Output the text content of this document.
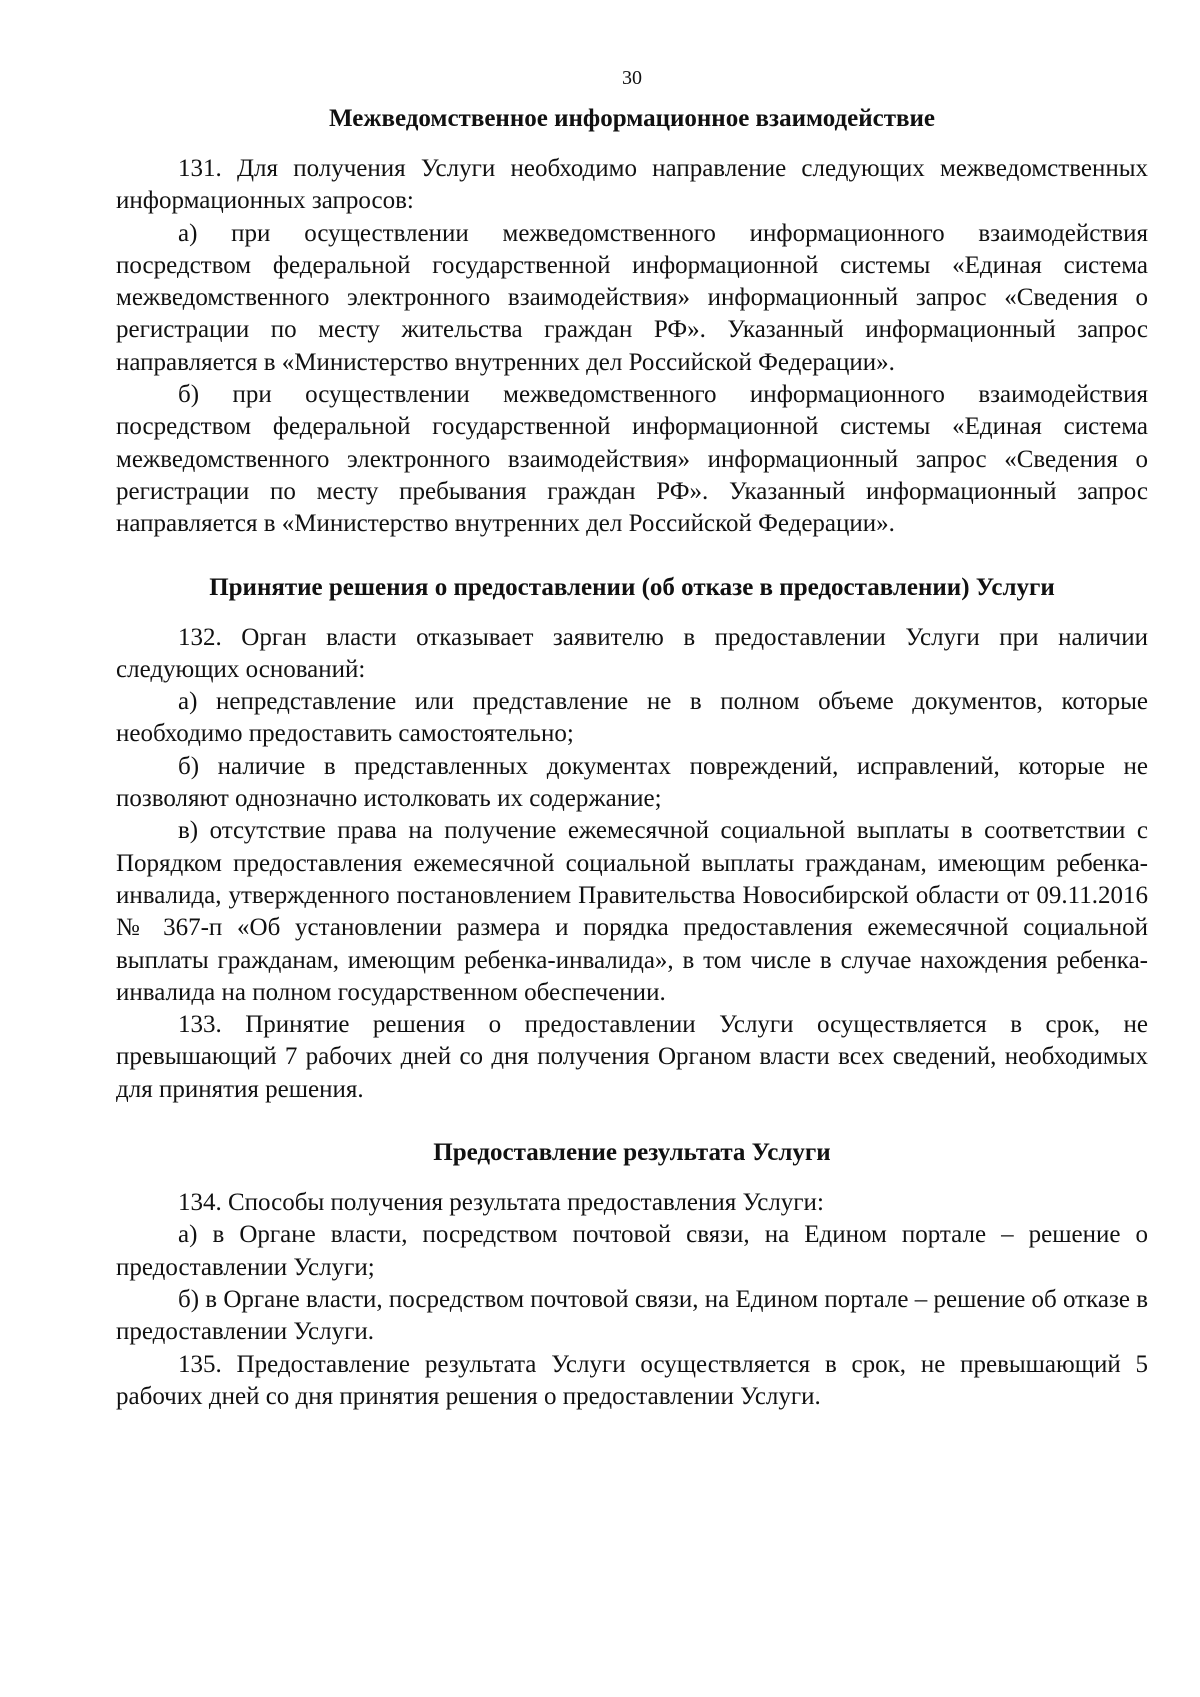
30
Межведомственное информационное взаимодействие

131. Для получения Услуги необходимо направление следующих межведомственных информационных запросов:

а) при осуществлении межведомственного информационного взаимодействия посредством федеральной государственной информационной системы «Единая система межведомственного электронного взаимодействия» информационный запрос «Сведения о регистрации по месту жительства граждан РФ». Указанный информационный запрос направляется в «Министерство внутренних дел Российской Федерации».

б) при осуществлении межведомственного информационного взаимодействия посредством федеральной государственной информационной системы «Единая система межведомственного электронного взаимодействия» информационный запрос «Сведения о регистрации по месту пребывания граждан РФ». Указанный информационный запрос направляется в «Министерство внутренних дел Российской Федерации».

Принятие решения о предоставлении (об отказе в предоставлении) Услуги

132. Орган власти отказывает заявителю в предоставлении Услуги при наличии следующих оснований:

а) непредставление или представление не в полном объеме документов, которые необходимо предоставить самостоятельно;

б) наличие в представленных документах повреждений, исправлений, которые не позволяют однозначно истолковать их содержание;

в) отсутствие права на получение ежемесячной социальной выплаты в соответствии с Порядком предоставления ежемесячной социальной выплаты гражданам, имеющим ребенка-инвалида, утвержденного постановлением Правительства Новосибирской области от 09.11.2016 № 367-п «Об установлении размера и порядка предоставления ежемесячной социальной выплаты гражданам, имеющим ребенка-инвалида», в том числе в случае нахождения ребенка-инвалида на полном государственном обеспечении.

133. Принятие решения о предоставлении Услуги осуществляется в срок, не превышающий 7 рабочих дней со дня получения Органом власти всех сведений, необходимых для принятия решения.

Предоставление результата Услуги

134. Способы получения результата предоставления Услуги:

а) в Органе власти, посредством почтовой связи, на Едином портале – решение о предоставлении Услуги;

б) в Органе власти, посредством почтовой связи, на Едином портале – решение об отказе в предоставлении Услуги.

135. Предоставление результата Услуги осуществляется в срок, не превышающий 5 рабочих дней со дня принятия решения о предоставлении Услуги.
